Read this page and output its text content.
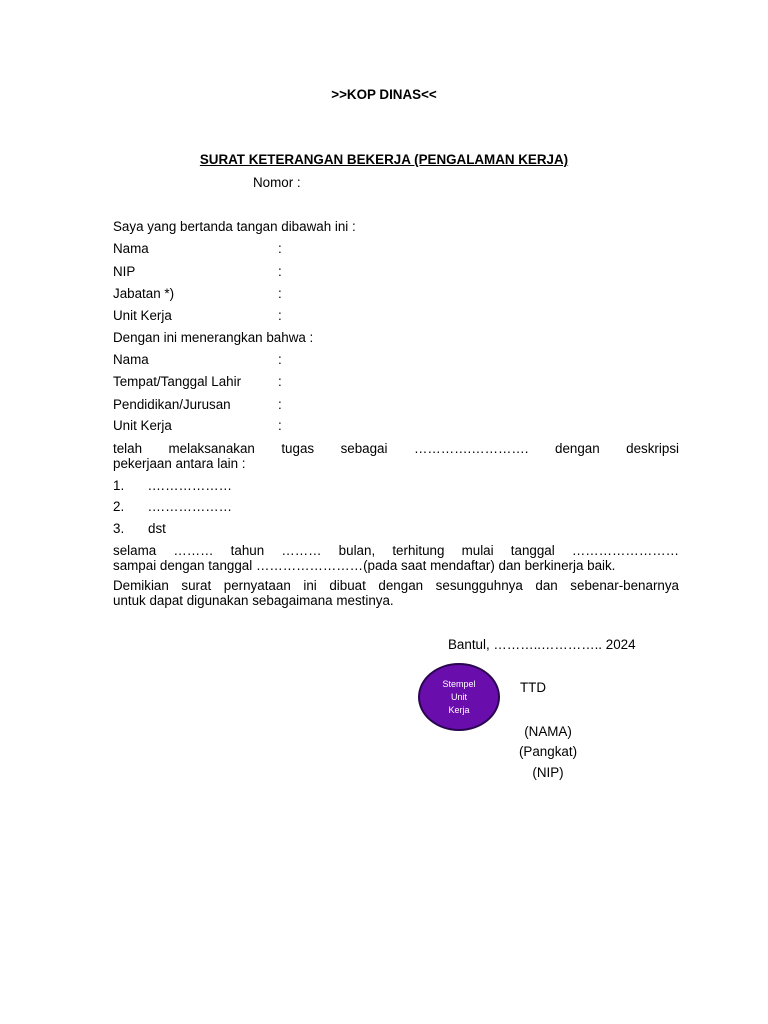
>>KOP DINAS<<
SURAT KETERANGAN BEKERJA (PENGALAMAN KERJA)
Nomor :
Saya yang bertanda tangan dibawah ini :
Nama	:
NIP	:
Jabatan *)	:
Unit Kerja	:
Dengan ini menerangkan bahwa :
Nama	:
Tempat/Tanggal Lahir	:
Pendidikan/Jurusan	:
Unit Kerja	:
telah melaksanakan tugas sebagai ………….…………. dengan deskripsi
pekerjaan antara lain :
1. .………………
2. .………………
3. dst
selama ……… tahun ……… bulan, terhitung mulai tanggal ……………………
sampai dengan tanggal ……………………(pada saat mendaftar) dan berkinerja baik.
Demikian surat pernyataan ini dibuat dengan sesungguhnya dan sebenar-benarnya
untuk dapat digunakan sebagaimana mestinya.
Bantul, ………..………….. 2024
Stempel
Unit
Kerja
TTD
(NAMA)
(Pangkat)
(NIP)
